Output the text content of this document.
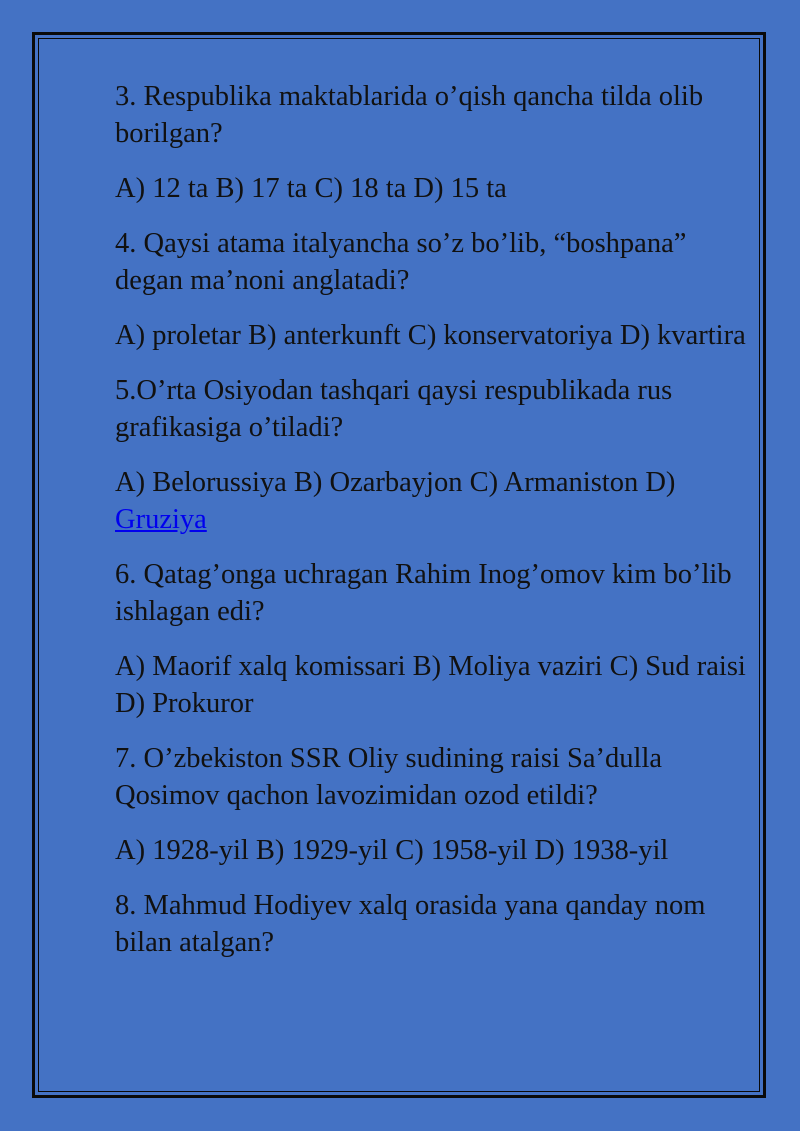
3. Respublika maktablarida o’qish qancha tilda olib borilgan?

A) 12 ta B) 17 ta C) 18 ta D) 15 ta

4. Qaysi atama italyancha so’z bo’lib, “boshpana” degan ma’noni anglatadi?

A) proletar B) anterkunft C) konservatoriya D) kvartira

5.O’rta Osiyodan tashqari qaysi respublikada rus grafikasiga o’tiladi?

A) Belorussiya B) Ozarbayjon C) Armaniston D) Gruziya

6. Qatag’onga uchragan Rahim Inog’omov kim bo’lib ishlagan edi?

A) Maorif xalq komissari B) Moliya vaziri C) Sud raisi D) Prokuror

7. O’zbekiston SSR Oliy sudining raisi Sa’dulla Qosimov qachon lavozimidan ozod etildi?

A) 1928-yil B) 1929-yil C) 1958-yil D) 1938-yil

8. Mahmud Hodiyev xalq orasida yana qanday nom bilan atalgan?
